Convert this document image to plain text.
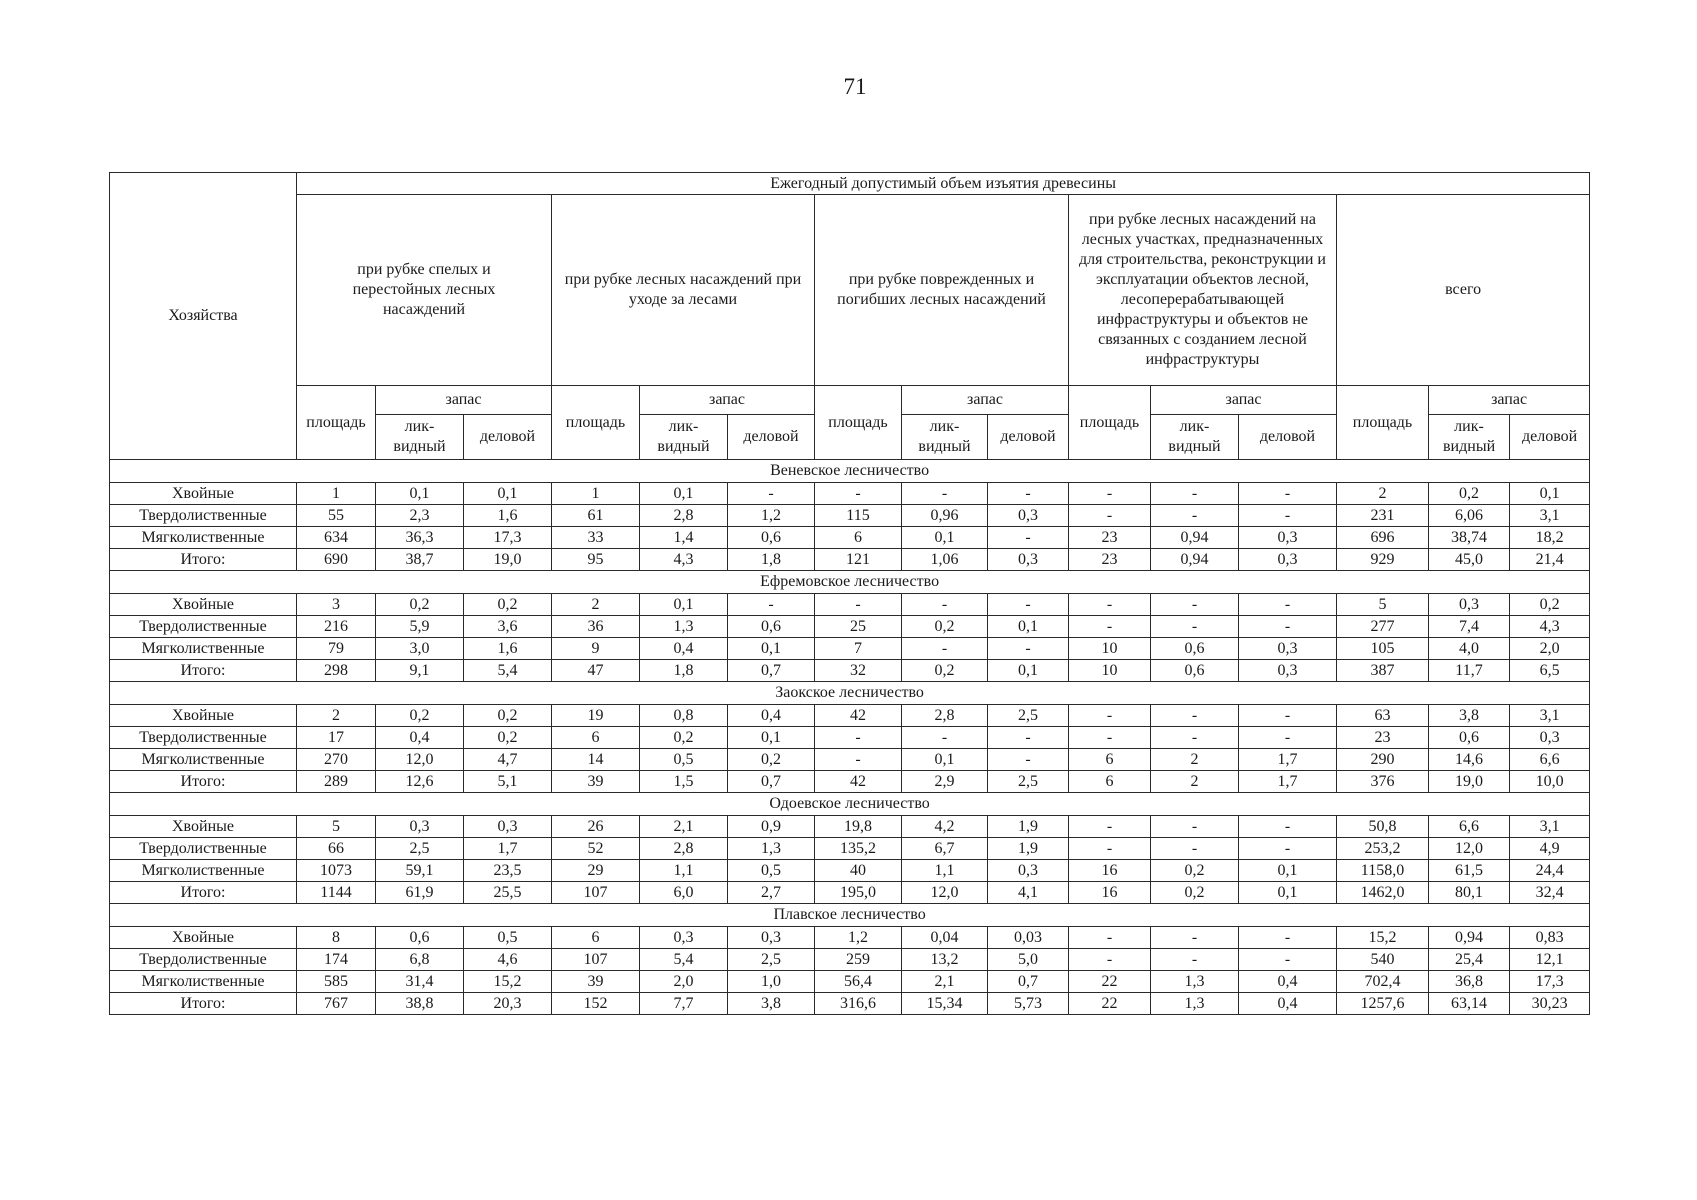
71
Хозяйства	Ежегодный допустимый объем изъятия древесины														
	при рубке спелых и перестойных лесных насаждений			при рубке лесных насаждений при уходе за лесами			при рубке поврежденных и погибших лесных насаждений			при рубке лесных насаждений на лесных участках, предназначенных для строительства, реконструкции и эксплуатации объектов лесной, лесоперерабатывающей инфраструктуры и объектов не связанных с созданием лесной инфраструктуры			всего		
	площадь	запас		площадь	запас		площадь	запас		площадь	запас		площадь	запас	
		лик-видный	деловой		лик-видный	деловой		лик-видный	деловой		лик-видный	деловой		лик-видный	деловой
Веневское лесничество															
Хвойные	1	0,1	0,1	1	0,1	-	-	-	-	-	-	-	2	0,2	0,1
Твердолиственные	55	2,3	1,6	61	2,8	1,2	115	0,96	0,3	-	-	-	231	6,06	3,1
Мягколиственные	634	36,3	17,3	33	1,4	0,6	6	0,1	-	23	0,94	0,3	696	38,74	18,2
Итого:	690	38,7	19,0	95	4,3	1,8	121	1,06	0,3	23	0,94	0,3	929	45,0	21,4
Ефремовское лесничество															
Хвойные	3	0,2	0,2	2	0,1	-	-	-	-	-	-	-	5	0,3	0,2
Твердолиственные	216	5,9	3,6	36	1,3	0,6	25	0,2	0,1	-	-	-	277	7,4	4,3
Мягколиственные	79	3,0	1,6	9	0,4	0,1	7	-	-	10	0,6	0,3	105	4,0	2,0
Итого:	298	9,1	5,4	47	1,8	0,7	32	0,2	0,1	10	0,6	0,3	387	11,7	6,5
Заокское лесничество															
Хвойные	2	0,2	0,2	19	0,8	0,4	42	2,8	2,5	-	-	-	63	3,8	3,1
Твердолиственные	17	0,4	0,2	6	0,2	0,1	-	-	-	-	-	-	23	0,6	0,3
Мягколиственные	270	12,0	4,7	14	0,5	0,2	-	0,1	-	6	2	1,7	290	14,6	6,6
Итого:	289	12,6	5,1	39	1,5	0,7	42	2,9	2,5	6	2	1,7	376	19,0	10,0
Одоевское лесничество															
Хвойные	5	0,3	0,3	26	2,1	0,9	19,8	4,2	1,9	-	-	-	50,8	6,6	3,1
Твердолиственные	66	2,5	1,7	52	2,8	1,3	135,2	6,7	1,9	-	-	-	253,2	12,0	4,9
Мягколиственные	1073	59,1	23,5	29	1,1	0,5	40	1,1	0,3	16	0,2	0,1	1158,0	61,5	24,4
Итого:	1144	61,9	25,5	107	6,0	2,7	195,0	12,0	4,1	16	0,2	0,1	1462,0	80,1	32,4
Плавское лесничество															
Хвойные	8	0,6	0,5	6	0,3	0,3	1,2	0,04	0,03	-	-	-	15,2	0,94	0,83
Твердолиственные	174	6,8	4,6	107	5,4	2,5	259	13,2	5,0	-	-	-	540	25,4	12,1
Мягколиственные	585	31,4	15,2	39	2,0	1,0	56,4	2,1	0,7	22	1,3	0,4	702,4	36,8	17,3
Итого:	767	38,8	20,3	152	7,7	3,8	316,6	15,34	5,73	22	1,3	0,4	1257,6	63,14	30,23
